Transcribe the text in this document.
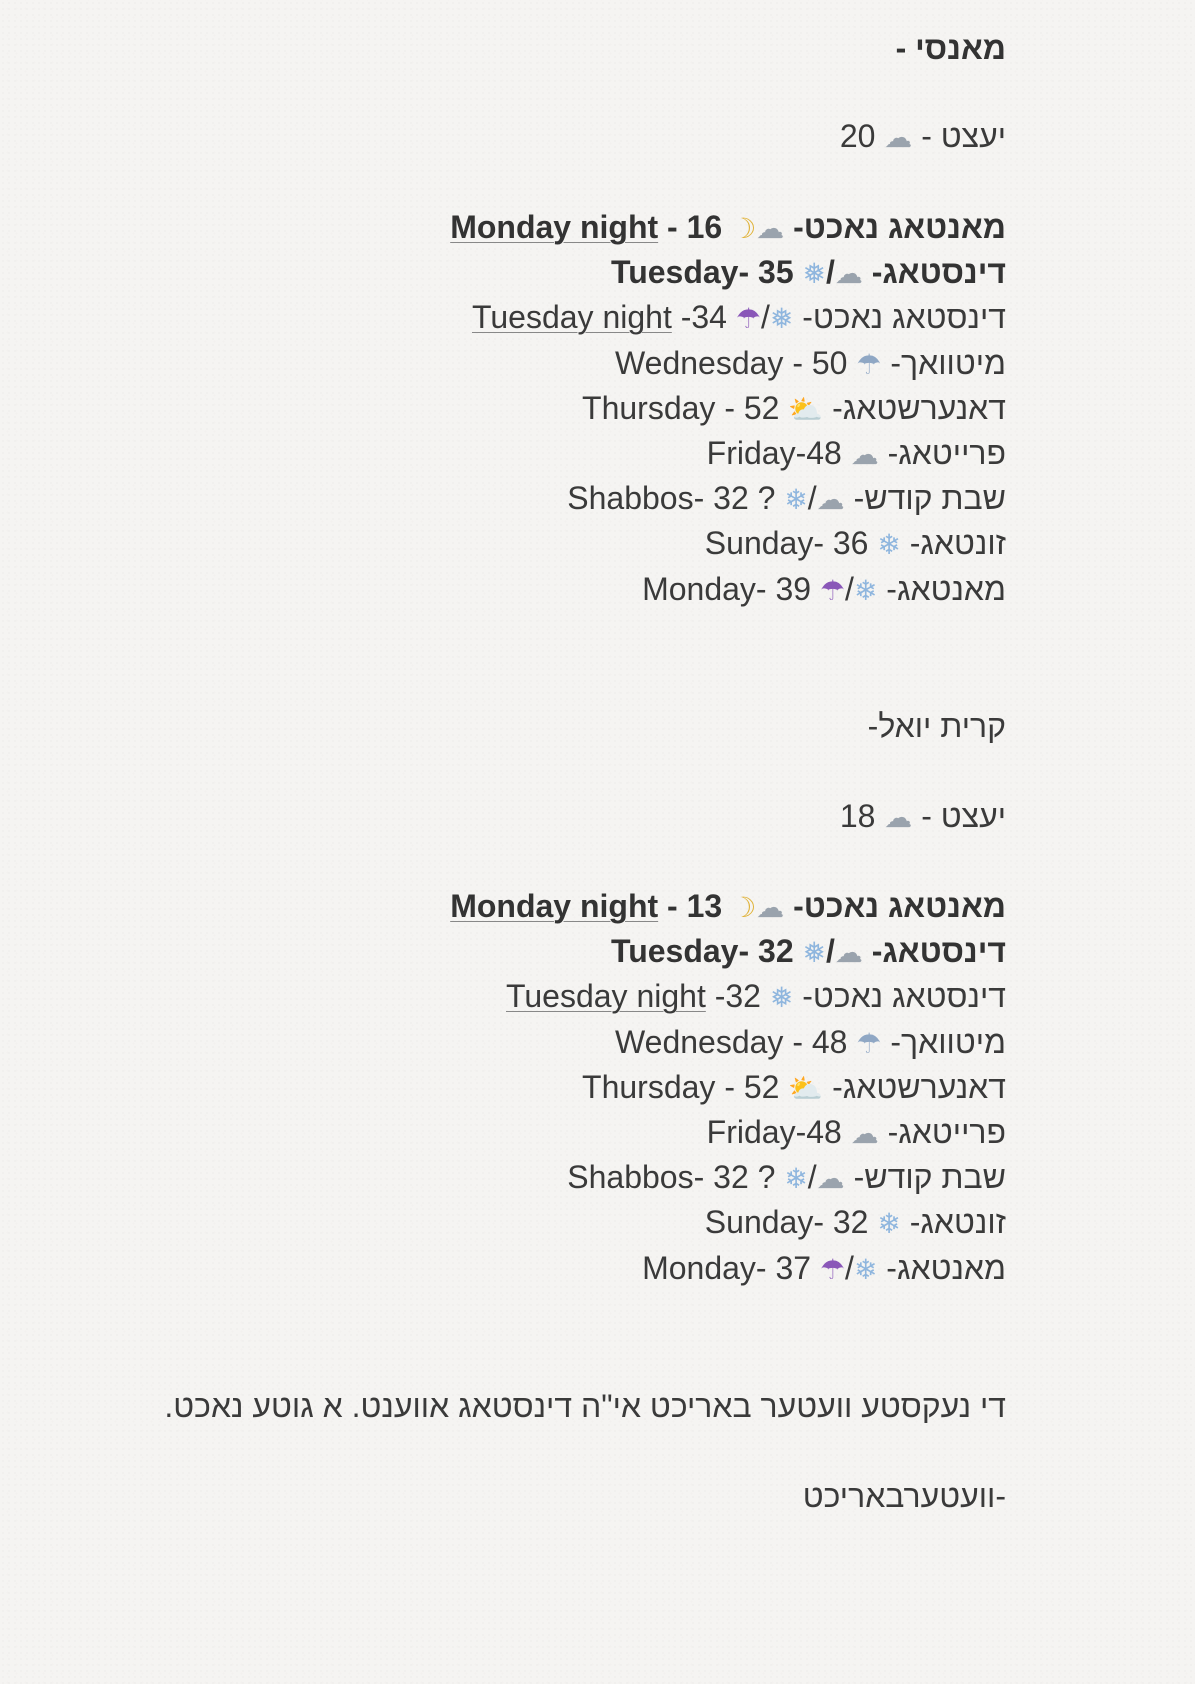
מאנסי -
יעצט - ☁ 20
מאנטאג נאכט- ☁☽ Monday night - 16
דינסטאג- ☁/❅ Tuesday- 35
דינסטאג נאכט- ❅/☂ Tuesday night -34
מיטוואך- ☂ Wednesday - 50
דאנערשטאג- ⛅ Thursday - 52
פרייטאג- ☁ Friday-48
שבת קודש- ☁/❄ Shabbos- 32 ?
זונטאג- ❄ Sunday- 36
מאנטאג- ❄/☂ Monday- 39
קרית יואל-
יעצט - ☁ 18
מאנטאג נאכט- ☁☽ Monday night - 13
דינסטאג- ☁/❅ Tuesday- 32
דינסטאג נאכט- ❅ Tuesday night -32
מיטוואך- ☂ Wednesday - 48
דאנערשטאג- ⛅ Thursday - 52
פרייטאג- ☁ Friday-48
שבת קודש- ☁/❄ Shabbos- 32 ?
זונטאג- ❄ Sunday- 32
מאנטאג- ❄/☂ Monday- 37
די נעקסטע וועטער באריכט אי"ה דינסטאג אווענט. א גוטע נאכט.
-וועטערבאריכט
